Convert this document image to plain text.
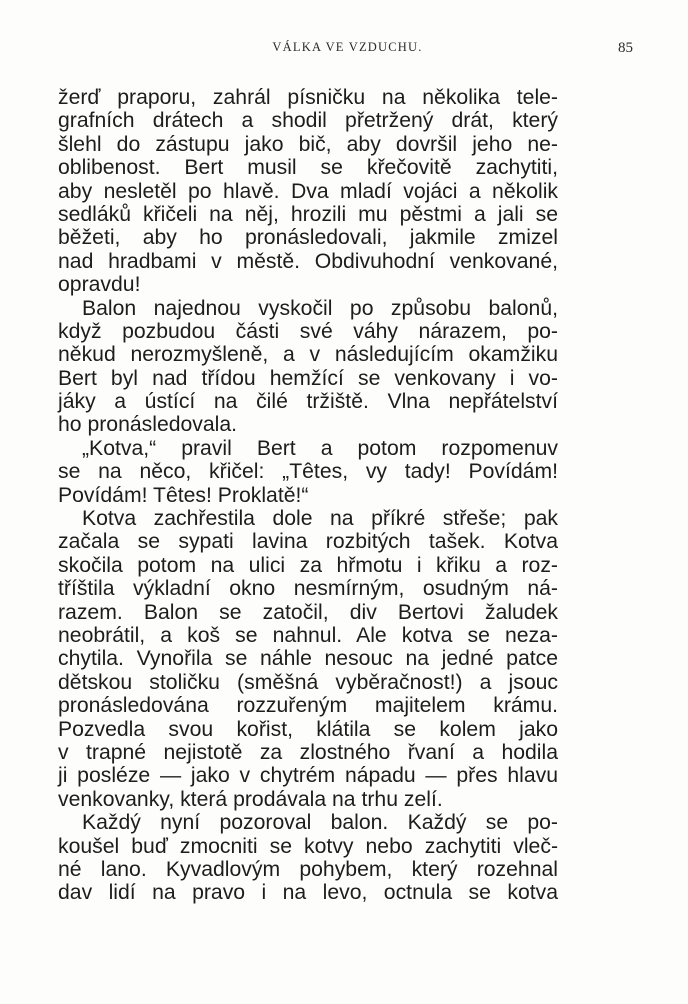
VÁLKA VE VZDUCHU.	85
žerď praporu, zahrál písničku na několika tele-
grafních drátech a shodil přetržený drát, který
šlehl do zástupu jako bič, aby dovršil jeho ne-
oblibenost. Bert musil se křečovitě zachytiti,
aby nesletěl po hlavě. Dva mladí vojáci a několik
sedláků křičeli na něj, hrozili mu pěstmi a jali se
běžeti, aby ho pronásledovali, jakmile zmizel
nad hradbami v městě. Obdivuhodní venkované,
opravdu!
Balon najednou vyskočil po způsobu balonů,
když pozbudou části své váhy nárazem, po-
někud nerozmyšleně, a v následujícím okamžiku
Bert byl nad třídou hemžící se venkovany i vo-
jáky a ústící na čilé tržiště. Vlna nepřátelství
ho pronásledovala.
„Kotva,“ pravil Bert a potom rozpomenuv
se na něco, křičel: „Têtes, vy tady! Povídám!
Povídám! Têtes! Proklatě!“
Kotva zachřestila dole na příkré střeše; pak
začala se sypati lavina rozbitých tašek. Kotva
skočila potom na ulici za hřmotu i křiku a roz-
tříštila výkladní okno nesmírným, osudným ná-
razem. Balon se zatočil, div Bertovi žaludek
neobrátil, a koš se nahnul. Ale kotva se neza-
chytila. Vynořila se náhle nesouc na jedné patce
dětskou stoličku (směšná vyběračnost!) a jsouc
pronásledována rozzuřeným majitelem krámu.
Pozvedla svou kořist, klátila se kolem jako
v trapné nejistotě za zlostného řvaní a hodila
ji posléze — jako v chytrém nápadu — přes hlavu
venkovanky, která prodávala na trhu zelí.
Každý nyní pozoroval balon. Každý se po-
koušel buď zmocniti se kotvy nebo zachytiti vleč-
né lano. Kyvadlovým pohybem, který rozehnal
dav lidí na pravo i na levo, octnula se kotva
